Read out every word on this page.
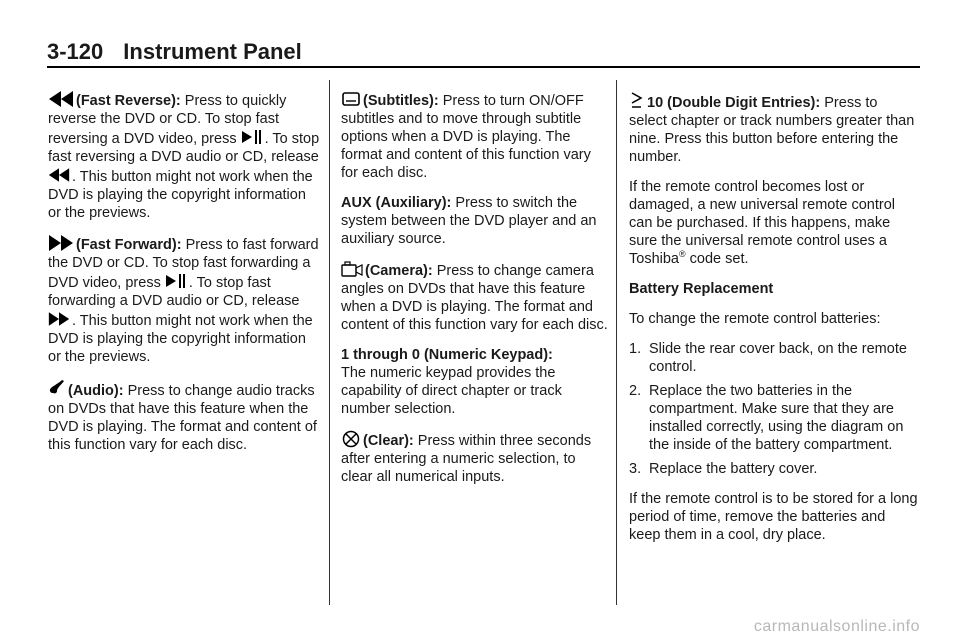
3-120 Instrument Panel

(Fast Reverse): Press to quickly reverse the DVD or CD. To stop fast reversing a DVD video, press . To stop fast reversing a DVD audio or CD, release . This button might not work when the DVD is playing the copyright information or the previews.

(Fast Forward): Press to fast forward the DVD or CD. To stop fast forwarding a DVD video, press . To stop fast forwarding a DVD audio or CD, release . This button might not work when the DVD is playing the copyright information or the previews.

(Audio): Press to change audio tracks on DVDs that have this feature when the DVD is playing. The format and content of this function vary for each disc.

(Subtitles): Press to turn ON/OFF subtitles and to move through subtitle options when a DVD is playing. The format and content of this function vary for each disc.

AUX (Auxiliary): Press to switch the system between the DVD player and an auxiliary source.

(Camera): Press to change camera angles on DVDs that have this feature when a DVD is playing. The format and content of this function vary for each disc.

1 through 0 (Numeric Keypad):
The numeric keypad provides the capability of direct chapter or track number selection.

(Clear): Press within three seconds after entering a numeric selection, to clear all numerical inputs.

10 (Double Digit Entries): Press to select chapter or track numbers greater than nine. Press this button before entering the number.

If the remote control becomes lost or damaged, a new universal remote control can be purchased. If this happens, make sure the universal remote control uses a Toshiba® code set.

Battery Replacement

To change the remote control batteries:

1. Slide the rear cover back, on the remote control.
2. Replace the two batteries in the compartment. Make sure that they are installed correctly, using the diagram on the inside of the battery compartment.
3. Replace the battery cover.

If the remote control is to be stored for a long period of time, remove the batteries and keep them in a cool, dry place.

carmanualsonline.info
